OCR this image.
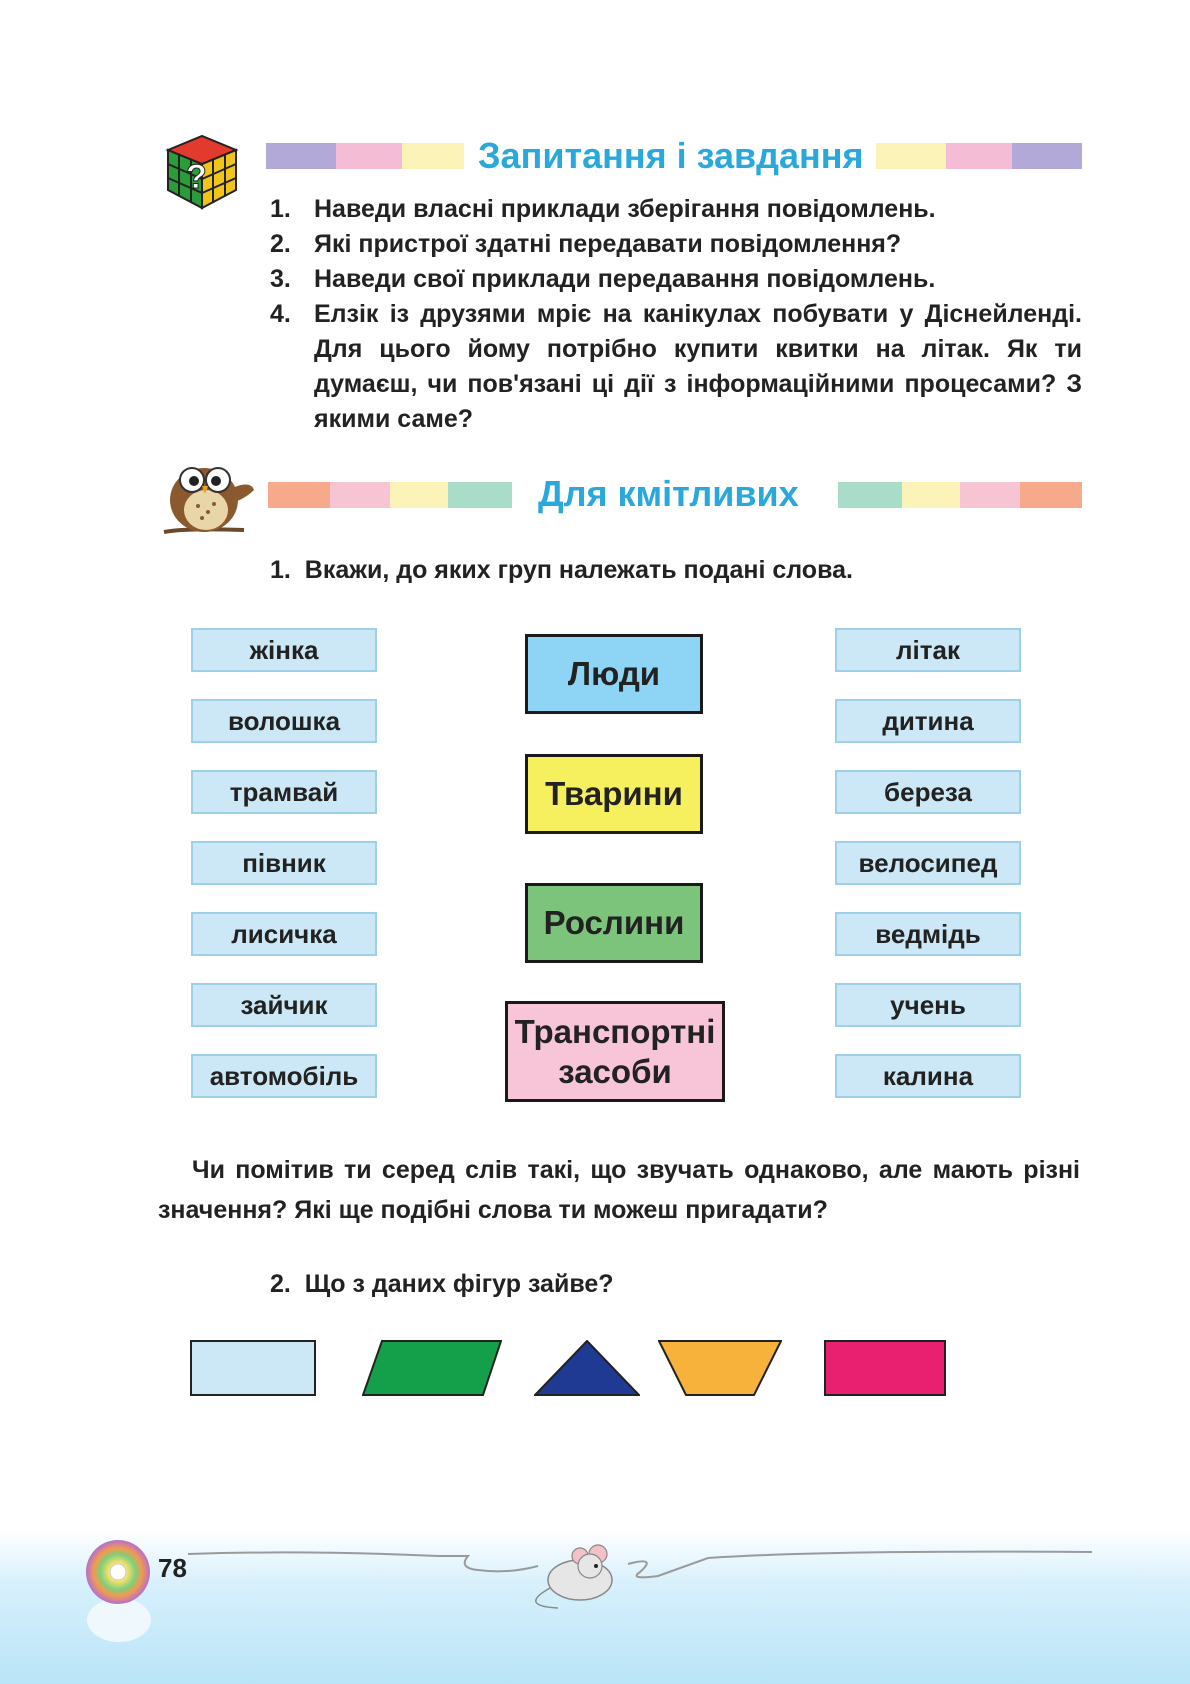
?
Запитання і завдання
1. Наведи власні приклади зберігання повідомлень.
2. Які пристрої здатні передавати повідомлення?
3. Наведи свої приклади передавання повідомлень.
4. Елзік із друзями мріє на канікулах побувати у Діснейленді. Для цього йому потрібно купити квитки на літак. Як ти думаєш, чи пов'язані ці дії з інформаційними процесами? З якими саме?
Для кмітливих
1. Вкажи, до яких груп належать подані слова.
жінка
волошка
трамвай
півник
лисичка
зайчик
автомобіль
літак
дитина
береза
велосипед
ведмідь
учень
калина
Люди
Тварини
Рослини
Транспортні засоби
Чи помітив ти серед слів такі, що звучать однаково, але мають різні значення? Які ще подібні слова ти можеш пригадати?
2. Що з даних фігур зайве?
78
